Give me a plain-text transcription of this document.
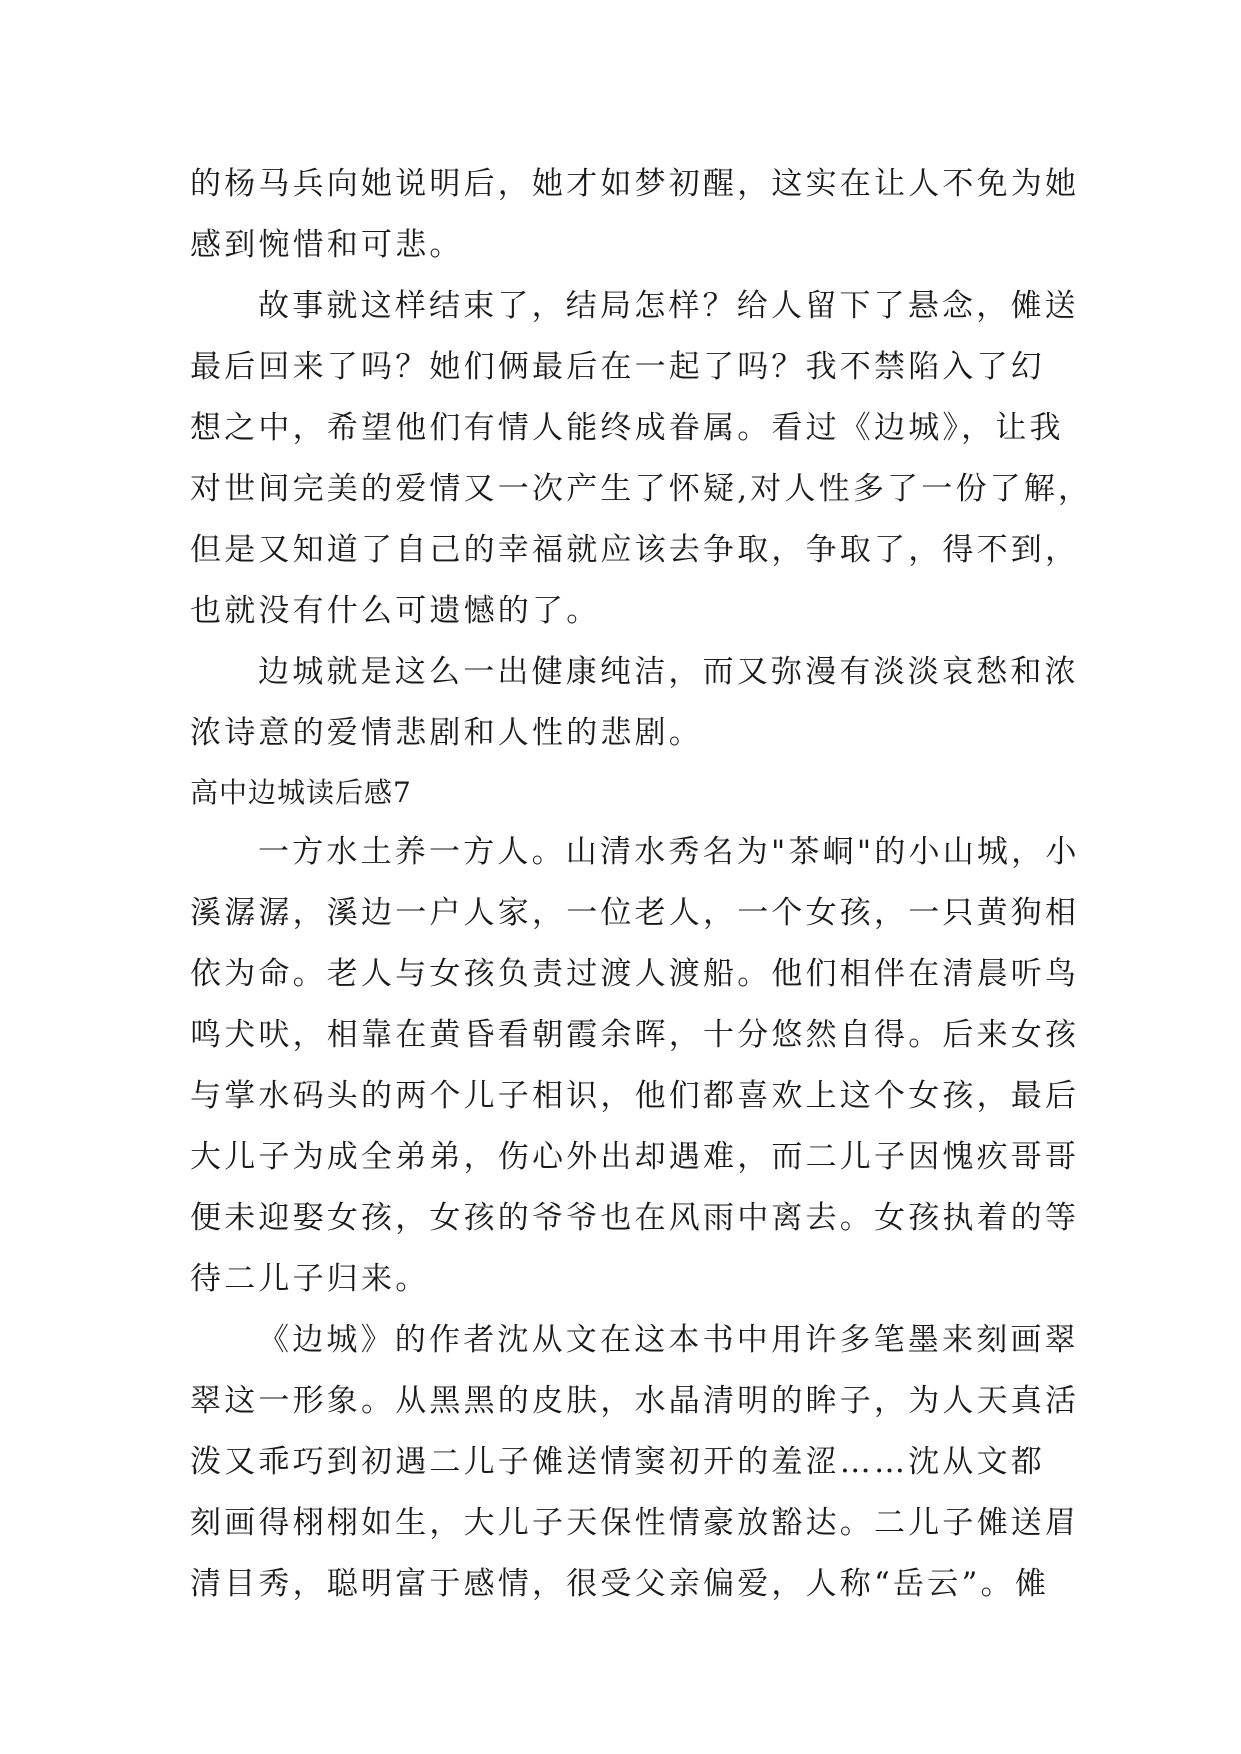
的杨马兵向她说明后，她才如梦初醒，这实在让人不免为她
感到惋惜和可悲。
故事就这样结束了，结局怎样？给人留下了悬念，傩送
最后回来了吗？她们俩最后在一起了吗？我不禁陷入了幻
想之中，希望他们有情人能终成眷属。看过《边城》，让我
对世间完美的爱情又一次产生了怀疑,对人性多了一份了解，
但是又知道了自己的幸福就应该去争取，争取了，得不到，
也就没有什么可遗憾的了。
边城就是这么一出健康纯洁，而又弥漫有淡淡哀愁和浓
浓诗意的爱情悲剧和人性的悲剧。
高中边城读后感7
一方水土养一方人。山清水秀名为"茶峒"的小山城，小
溪潺潺，溪边一户人家，一位老人，一个女孩，一只黄狗相
依为命。老人与女孩负责过渡人渡船。他们相伴在清晨听鸟
鸣犬吠，相靠在黄昏看朝霞余晖，十分悠然自得。后来女孩
与掌水码头的两个儿子相识，他们都喜欢上这个女孩，最后
大儿子为成全弟弟，伤心外出却遇难，而二儿子因愧疚哥哥
便未迎娶女孩，女孩的爷爷也在风雨中离去。女孩执着的等
待二儿子归来。
《边城》的作者沈从文在这本书中用许多笔墨来刻画翠
翠这一形象。从黑黑的皮肤，水晶清明的眸子，为人天真活
泼又乖巧到初遇二儿子傩送情窦初开的羞涩……沈从文都
刻画得栩栩如生，大儿子天保性情豪放豁达。二儿子傩送眉
清目秀，聪明富于感情，很受父亲偏爱，人称“岳云”。傩
